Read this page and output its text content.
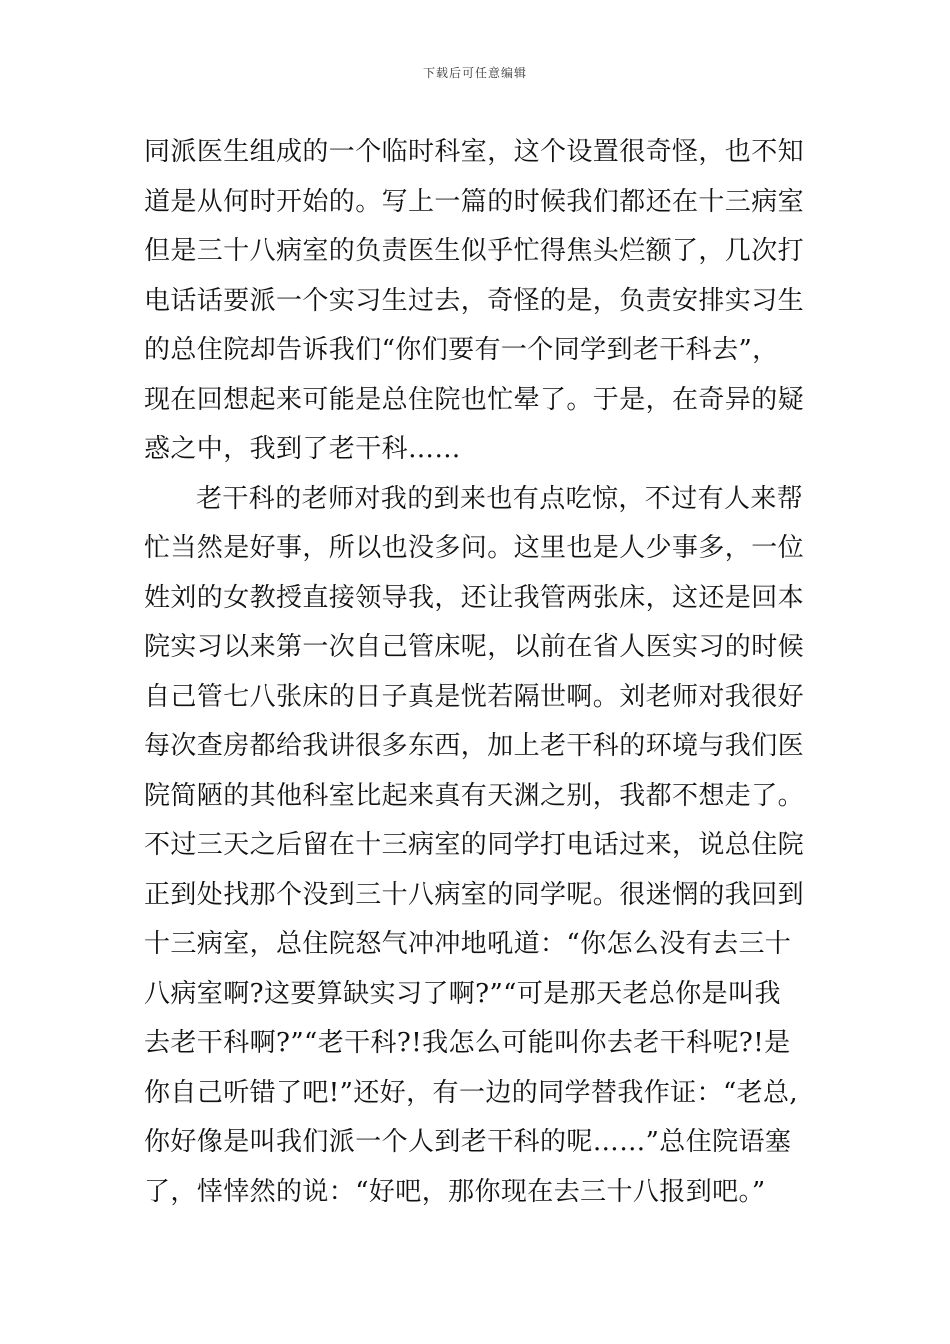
下载后可任意编辑
同派医生组成的一个临时科室，这个设置很奇怪，也不知
道是从何时开始的。写上一篇的时候我们都还在十三病室
但是三十八病室的负责医生似乎忙得焦头烂额了，几次打
电话话要派一个实习生过去，奇怪的是，负责安排实习生
的总住院却告诉我们“你们要有一个同学到老干科去”，
现在回想起来可能是总住院也忙晕了。于是，在奇异的疑
惑之中，我到了老干科……
老干科的老师对我的到来也有点吃惊，不过有人来帮
忙当然是好事，所以也没多问。这里也是人少事多，一位
姓刘的女教授直接领导我，还让我管两张床，这还是回本
院实习以来第一次自己管床呢，以前在省人医实习的时候
自己管七八张床的日子真是恍若隔世啊。刘老师对我很好
每次查房都给我讲很多东西，加上老干科的环境与我们医
院简陋的其他科室比起来真有天渊之别，我都不想走了。
不过三天之后留在十三病室的同学打电话过来，说总住院
正到处找那个没到三十八病室的同学呢。很迷惘的我回到
十三病室，总住院怒气冲冲地吼道：“你怎么没有去三十
八病室啊?这要算缺实习了啊?”“可是那天老总你是叫我
去老干科啊?”“老干科?!我怎么可能叫你去老干科呢?!是
你自己听错了吧!”还好，有一边的同学替我作证：“老总,
你好像是叫我们派一个人到老干科的呢……”总住院语塞
了，悻悻然的说：“好吧，那你现在去三十八报到吧。”
